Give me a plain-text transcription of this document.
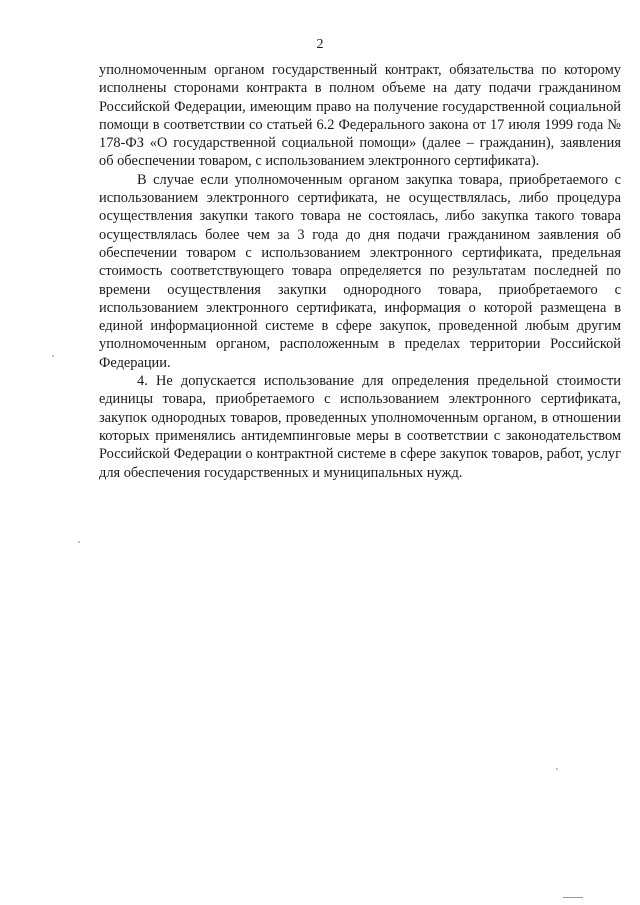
2

уполномоченным органом государственный контракт, обязательства по которому исполнены сторонами контракта в полном объеме на дату подачи гражданином Российской Федерации, имеющим право на получение государственной социальной помощи в соответствии со статьей 6.2 Федерального закона от 17 июля 1999 года № 178-ФЗ «О государственной социальной помощи» (далее – гражданин), заявления об обеспечении товаром, с использованием электронного сертификата).

В случае если уполномоченным органом закупка товара, приобретаемого с использованием электронного сертификата, не осуществлялась, либо процедура осуществления закупки такого товара не состоялась, либо закупка такого товара осуществлялась более чем за 3 года до дня подачи гражданином заявления об обеспечении товаром с использованием электронного сертификата, предельная стоимость соответствующего товара определяется по результатам последней по времени осуществления закупки однородного товара, приобретаемого с использованием электронного сертификата, информация о которой размещена в единой информационной системе в сфере закупок, проведенной любым другим уполномоченным органом, расположенным в пределах территории Российской Федерации.

4. Не допускается использование для определения предельной стоимости единицы товара, приобретаемого с использованием электронного сертификата, закупок однородных товаров, проведенных уполномоченным органом, в отношении которых применялись антидемпинговые меры в соответствии с законодательством Российской Федерации о контрактной системе в сфере закупок товаров, работ, услуг для обеспечения государственных и муниципальных нужд.
